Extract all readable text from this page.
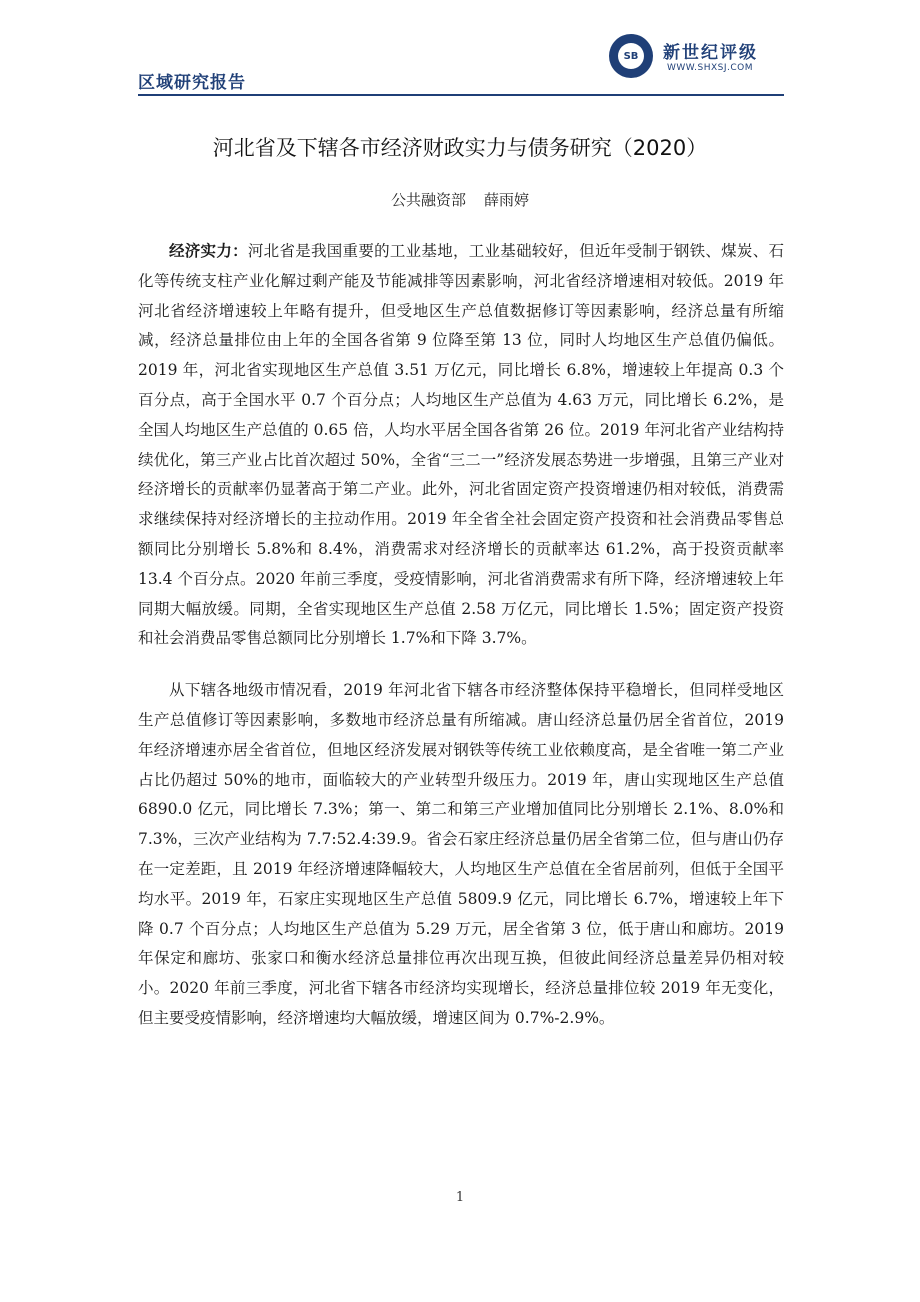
区域研究报告
SB	新世纪评级
WWW.SHXSJ.COM
河北省及下辖各市经济财政实力与债务研究（2020）
公共融资部 薛雨婷

经济实力：河北省是我国重要的工业基地，工业基础较好，但近年受制于钢铁、煤炭、石化等传统支柱产业化解过剩产能及节能减排等因素影响，河北省经济增速相对较低。2019 年河北省经济增速较上年略有提升，但受地区生产总值数据修订等因素影响，经济总量有所缩减，经济总量排位由上年的全国各省第 9 位降至第 13 位，同时人均地区生产总值仍偏低。2019 年，河北省实现地区生产总值 3.51 万亿元，同比增长 6.8%，增速较上年提高 0.3 个百分点，高于全国水平 0.7 个百分点；人均地区生产总值为 4.63 万元，同比增长 6.2%，是全国人均地区生产总值的 0.65 倍，人均水平居全国各省第 26 位。2019 年河北省产业结构持续优化，第三产业占比首次超过 50%，全省“三二一”经济发展态势进一步增强，且第三产业对经济增长的贡献率仍显著高于第二产业。此外，河北省固定资产投资增速仍相对较低，消费需求继续保持对经济增长的主拉动作用。2019 年全省全社会固定资产投资和社会消费品零售总额同比分别增长 5.8%和 8.4%，消费需求对经济增长的贡献率达 61.2%，高于投资贡献率 13.4 个百分点。2020 年前三季度，受疫情影响，河北省消费需求有所下降，经济增速较上年同期大幅放缓。同期，全省实现地区生产总值 2.58 万亿元，同比增长 1.5%；固定资产投资和社会消费品零售总额同比分别增长 1.7%和下降 3.7%。

从下辖各地级市情况看，2019 年河北省下辖各市经济整体保持平稳增长，但同样受地区生产总值修订等因素影响，多数地市经济总量有所缩减。唐山经济总量仍居全省首位，2019 年经济增速亦居全省首位，但地区经济发展对钢铁等传统工业依赖度高，是全省唯一第二产业占比仍超过 50%的地市，面临较大的产业转型升级压力。2019 年，唐山实现地区生产总值 6890.0 亿元，同比增长 7.3%；第一、第二和第三产业增加值同比分别增长 2.1%、8.0%和 7.3%，三次产业结构为 7.7:52.4:39.9。省会石家庄经济总量仍居全省第二位，但与唐山仍存在一定差距，且 2019 年经济增速降幅较大，人均地区生产总值在全省居前列，但低于全国平均水平。2019 年，石家庄实现地区生产总值 5809.9 亿元，同比增长 6.7%，增速较上年下降 0.7 个百分点；人均地区生产总值为 5.29 万元，居全省第 3 位，低于唐山和廊坊。2019 年保定和廊坊、张家口和衡水经济总量排位再次出现互换，但彼此间经济总量差异仍相对较小。2020 年前三季度，河北省下辖各市经济均实现增长，经济总量排位较 2019 年无变化，但主要受疫情影响，经济增速均大幅放缓，增速区间为 0.7%-2.9%。

1
